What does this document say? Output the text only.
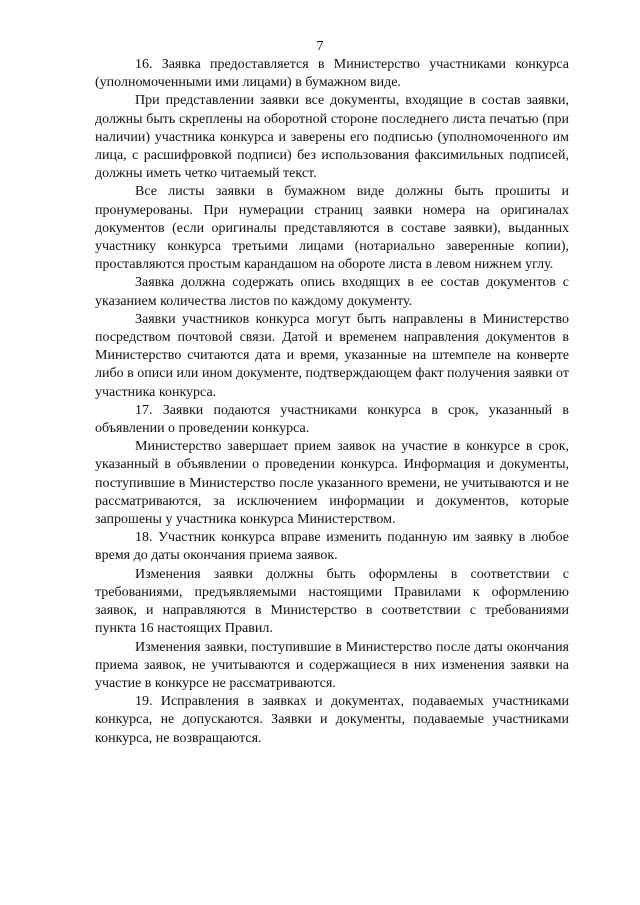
7

16. Заявка предоставляется в Министерство участниками конкурса (уполномоченными ими лицами) в бумажном виде.

При представлении заявки все документы, входящие в состав заявки, должны быть скреплены на оборотной стороне последнего листа печатью (при наличии) участника конкурса и заверены его подписью (уполномоченного им лица, с расшифровкой подписи) без использования факсимильных подписей, должны иметь четко читаемый текст.

Все листы заявки в бумажном виде должны быть прошиты и пронумерованы. При нумерации страниц заявки номера на оригиналах документов (если оригиналы представляются в составе заявки), выданных участнику конкурса третьими лицами (нотариально заверенные копии), проставляются простым карандашом на обороте листа в левом нижнем углу.

Заявка должна содержать опись входящих в ее состав документов с указанием количества листов по каждому документу.

Заявки участников конкурса могут быть направлены в Министерство посредством почтовой связи. Датой и временем направления документов в Министерство считаются дата и время, указанные на штемпеле на конверте либо в описи или ином документе, подтверждающем факт получения заявки от участника конкурса.

17. Заявки подаются участниками конкурса в срок, указанный в объявлении о проведении конкурса.

Министерство завершает прием заявок на участие в конкурсе в срок, указанный в объявлении о проведении конкурса. Информация и документы, поступившие в Министерство после указанного времени, не учитываются и не рассматриваются, за исключением информации и документов, которые запрошены у участника конкурса Министерством.

18. Участник конкурса вправе изменить поданную им заявку в любое время до даты окончания приема заявок.

Изменения заявки должны быть оформлены в соответствии с требованиями, предъявляемыми настоящими Правилами к оформлению заявок, и направляются в Министерство в соответствии с требованиями пункта 16 настоящих Правил.

Изменения заявки, поступившие в Министерство после даты окончания приема заявок, не учитываются и содержащиеся в них изменения заявки на участие в конкурсе не рассматриваются.

19. Исправления в заявках и документах, подаваемых участниками конкурса, не допускаются. Заявки и документы, подаваемые участниками конкурса, не возвращаются.
